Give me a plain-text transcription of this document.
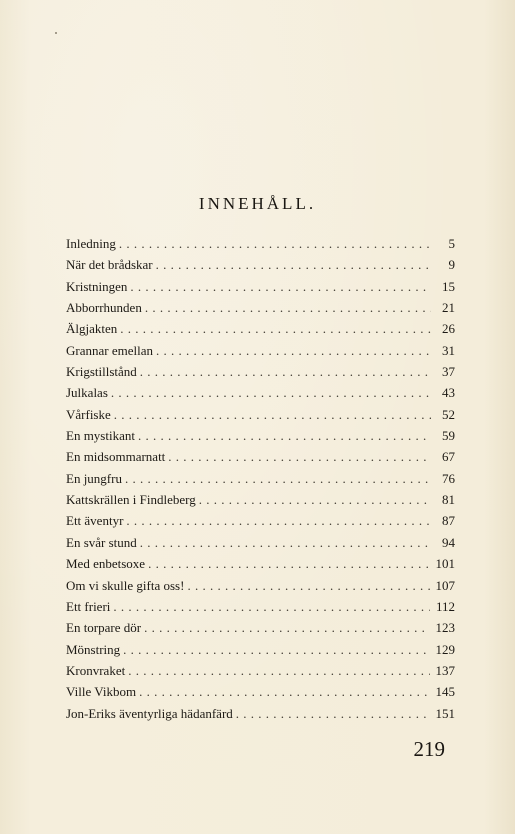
INNEHÅLL.
Inledning . . .	5
När det brådskar . . .	9
Kristningen . . .	15
Abborrhunden . . .	21
Älgjakten . . .	26
Grannar emellan . . .	31
Krigstillstånd . . .	37
Julkalas . . .	43
Vårfiske . . .	52
En mystikant . . .	59
En midsommarnatt . . .	67
En jungfru . . .	76
Kattskrällen i Findleberg . . .	81
Ett äventyr . . .	87
En svår stund . . .	94
Med enbetsoxe . . .	101
Om vi skulle gifta oss! . . .	107
Ett frieri . . .	112
En torpare dör . . .	123
Mönstring . . .	129
Kronvraket . . .	137
Ville Vikbom . . .	145
Jon-Eriks äventyrliga hädanfärd . . .	151
219
